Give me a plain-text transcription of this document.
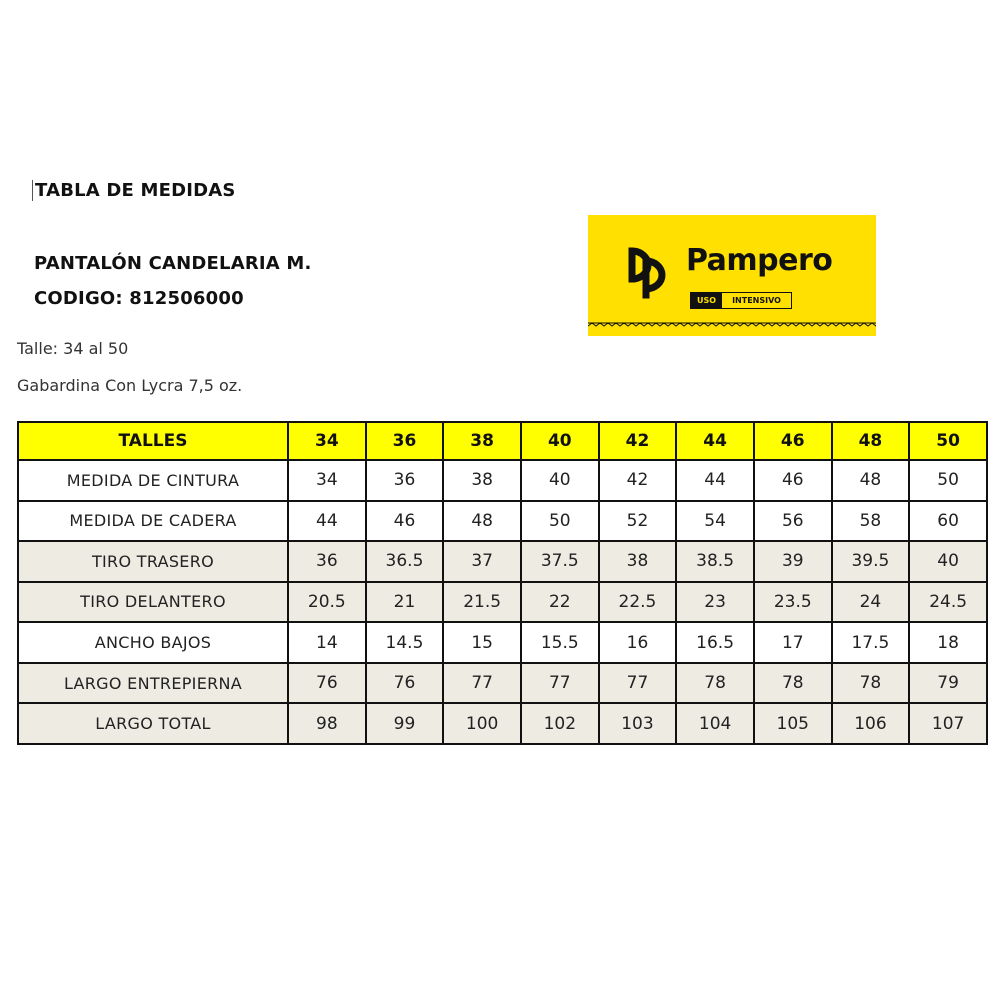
TABLA DE MEDIDAS
PANTALÓN CANDELARIA M.
CODIGO: 812506000
Talle: 34 al 50
Gabardina Con Lycra 7,5 oz.
Pampero
USO	INTENSIVO
TALLES	34	36	38	40	42	44	46	48	50
MEDIDA DE CINTURA	34	36	38	40	42	44	46	48	50
MEDIDA DE CADERA	44	46	48	50	52	54	56	58	60
TIRO TRASERO	36	36.5	37	37.5	38	38.5	39	39.5	40
TIRO DELANTERO	20.5	21	21.5	22	22.5	23	23.5	24	24.5
ANCHO BAJOS	14	14.5	15	15.5	16	16.5	17	17.5	18
LARGO ENTREPIERNA	76	76	77	77	77	78	78	78	79
LARGO TOTAL	98	99	100	102	103	104	105	106	107
